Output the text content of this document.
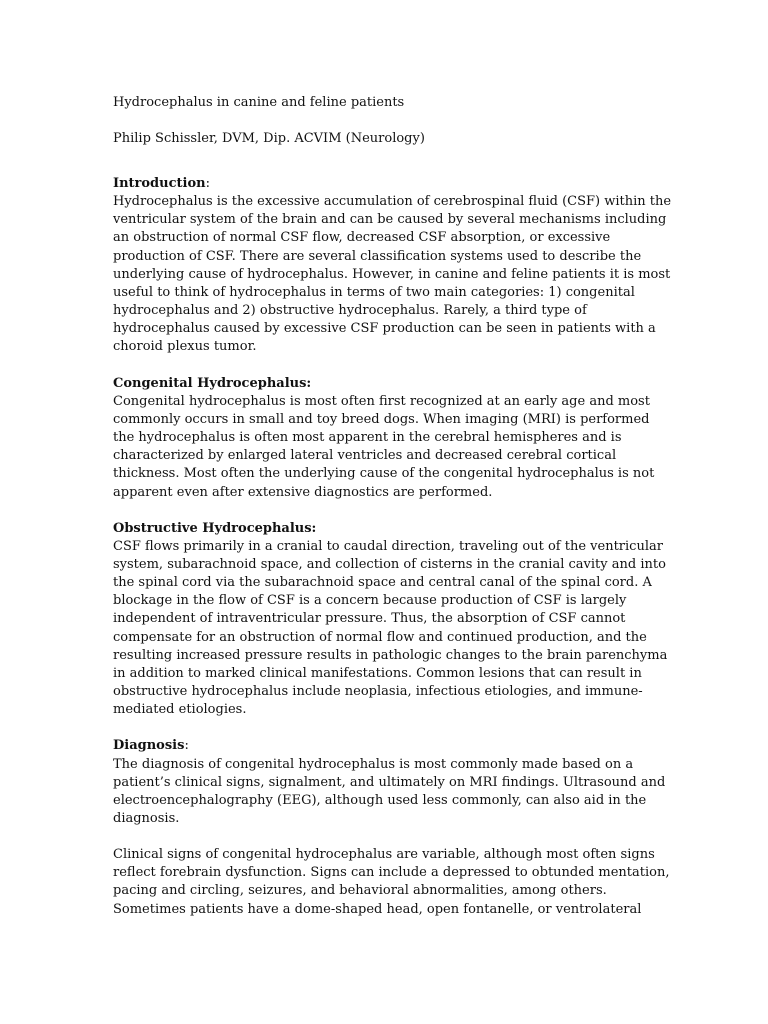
Hydrocephalus in canine and feline patients

Philip Schissler, DVM, Dip. ACVIM (Neurology)

Introduction:

Hydrocephalus is the excessive accumulation of cerebrospinal fluid (CSF) within the
ventricular system of the brain and can be caused by several mechanisms including
an obstruction of normal CSF flow, decreased CSF absorption, or excessive
production of CSF. There are several classification systems used to describe the
underlying cause of hydrocephalus. However, in canine and feline patients it is most
useful to think of hydrocephalus in terms of two main categories: 1) congenital
hydrocephalus and 2) obstructive hydrocephalus. Rarely, a third type of
hydrocephalus caused by excessive CSF production can be seen in patients with a
choroid plexus tumor.

Congenital Hydrocephalus:

Congenital hydrocephalus is most often first recognized at an early age and most
commonly occurs in small and toy breed dogs. When imaging (MRI) is performed
the hydrocephalus is often most apparent in the cerebral hemispheres and is
characterized by enlarged lateral ventricles and decreased cerebral cortical
thickness. Most often the underlying cause of the congenital hydrocephalus is not
apparent even after extensive diagnostics are performed.

Obstructive Hydrocephalus:

CSF flows primarily in a cranial to caudal direction, traveling out of the ventricular
system, subarachnoid space, and collection of cisterns in the cranial cavity and into
the spinal cord via the subarachnoid space and central canal of the spinal cord. A
blockage in the flow of CSF is a concern because production of CSF is largely
independent of intraventricular pressure. Thus, the absorption of CSF cannot
compensate for an obstruction of normal flow and continued production, and the
resulting increased pressure results in pathologic changes to the brain parenchyma
in addition to marked clinical manifestations. Common lesions that can result in
obstructive hydrocephalus include neoplasia, infectious etiologies, and immune-
mediated etiologies.

Diagnosis:

The diagnosis of congenital hydrocephalus is most commonly made based on a
patient’s clinical signs, signalment, and ultimately on MRI findings. Ultrasound and
electroencephalography (EEG), although used less commonly, can also aid in the
diagnosis.

Clinical signs of congenital hydrocephalus are variable, although most often signs
reflect forebrain dysfunction. Signs can include a depressed to obtunded mentation,
pacing and circling, seizures, and behavioral abnormalities, among others.
Sometimes patients have a dome-shaped head, open fontanelle, or ventrolateral
